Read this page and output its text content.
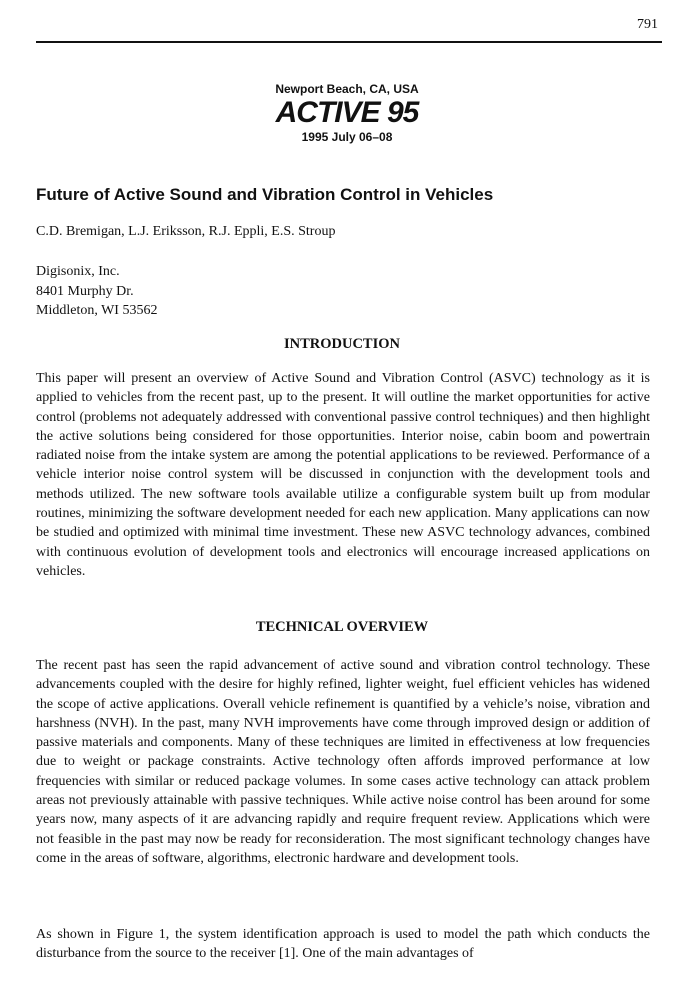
791
Newport Beach, CA, USA
ACTIVE 95
1995 July 06–08
Future of Active Sound and Vibration Control in Vehicles
C.D. Bremigan, L.J. Eriksson, R.J. Eppli, E.S. Stroup
Digisonix, Inc.
8401 Murphy Dr.
Middleton, WI 53562
INTRODUCTION

This paper will present an overview of Active Sound and Vibration Control (ASVC) technology as it is applied to vehicles from the recent past, up to the present. It will outline the market opportunities for active control (problems not adequately addressed with conventional passive control techniques) and then highlight the active solutions being considered for those opportunities. Interior noise, cabin boom and powertrain radiated noise from the intake system are among the potential applications to be reviewed. Performance of a vehicle interior noise control system will be discussed in conjunction with the development tools and methods utilized. The new software tools available utilize a configurable system built up from modular routines, minimizing the software development needed for each new application. Many applications can now be studied and optimized with minimal time investment. These new ASVC technology advances, combined with continuous evolution of development tools and electronics will encourage increased applications on vehicles.

TECHNICAL OVERVIEW

The recent past has seen the rapid advancement of active sound and vibration control technology. These advancements coupled with the desire for highly refined, lighter weight, fuel efficient vehicles has widened the scope of active applications. Overall vehicle refinement is quantified by a vehicle’s noise, vibration and harshness (NVH). In the past, many NVH improvements have come through improved design or addition of passive materials and components. Many of these techniques are limited in effectiveness at low frequencies due to weight or package constraints. Active technology often affords improved performance at low frequencies with similar or reduced package volumes. In some cases active technology can attack problem areas not previously attainable with passive techniques. While active noise control has been around for some years now, many aspects of it are advancing rapidly and require frequent review. Applications which were not feasible in the past may now be ready for reconsideration. The most significant technology changes have come in the areas of software, algorithms, electronic hardware and development tools.

As shown in Figure 1, the system identification approach is used to model the path which conducts the disturbance from the source to the receiver [1]. One of the main advantages of
